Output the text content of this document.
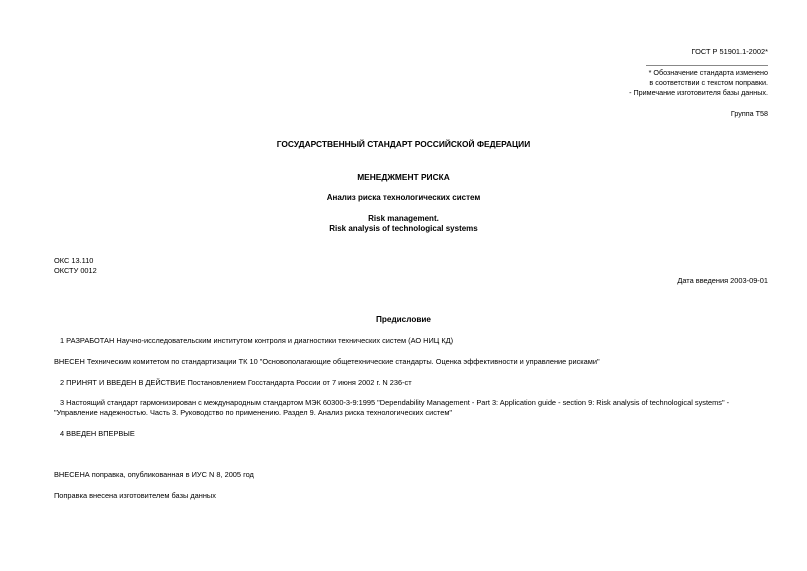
ГОСТ Р 51901.1-2002*
* Обозначение стандарта изменено
в соответствии с текстом поправки.
- Примечание изготовителя базы данных.
Группа Т58
ГОСУДАРСТВЕННЫЙ СТАНДАРТ РОССИЙСКОЙ ФЕДЕРАЦИИ
МЕНЕДЖМЕНТ РИСКА
Анализ риска технологических систем
Risk management.
Risk analysis of technological systems
ОКС 13.110
ОКСТУ 0012
Дата введения 2003-09-01
Предисловие
1 РАЗРАБОТАН Научно-исследовательским институтом контроля и диагностики технических систем (АО НИЦ КД)
ВНЕСЕН Техническим комитетом по стандартизации ТК 10 "Основополагающие общетехнические стандарты. Оценка эффективности и управление рисками"
2 ПРИНЯТ И ВВЕДЕН В ДЕЙСТВИЕ Постановлением Госстандарта России от 7 июня 2002 г. N 236-ст
3 Настоящий стандарт гармонизирован с международным стандартом МЭК 60300-3-9:1995 "Dependability Management - Part 3: Application guide - section 9: Risk analysis of technological systems" - "Управление надежностью. Часть 3. Руководство по применению. Раздел 9. Анализ риска технологических систем"
4 ВВЕДЕН ВПЕРВЫЕ
ВНЕСЕНА поправка, опубликованная в ИУС N 8, 2005 год
Поправка внесена изготовителем базы данных
